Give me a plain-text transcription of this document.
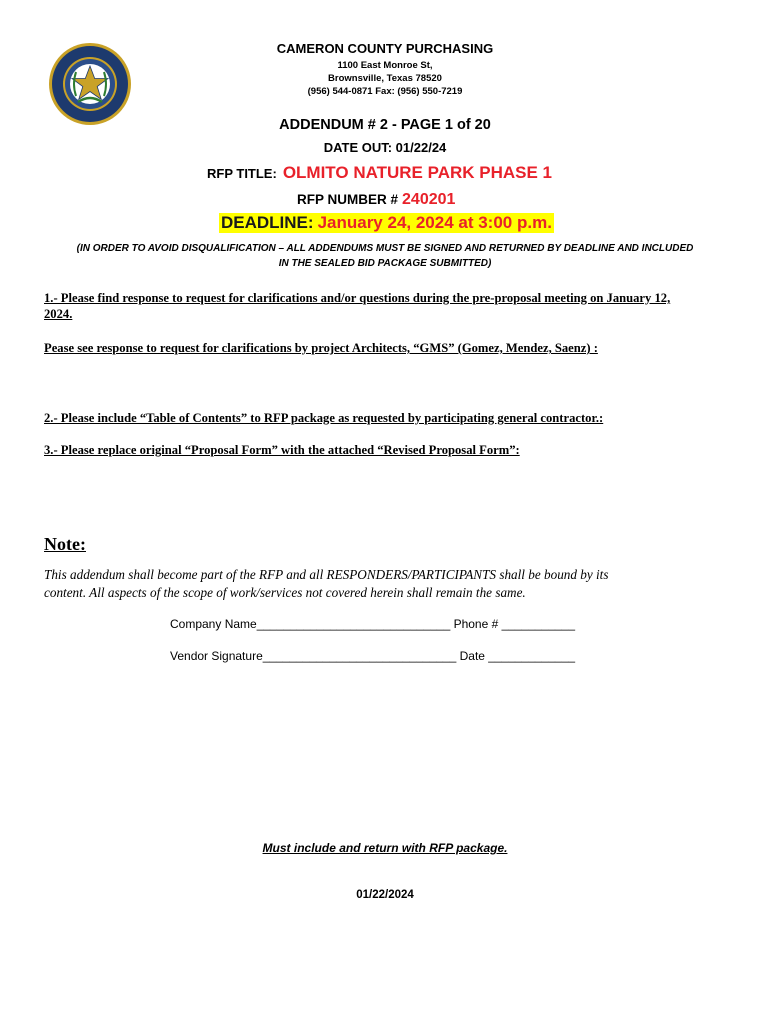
CAMERON COUNTY PURCHASING
1100 East Monroe St,
Brownsville, Texas 78520
(956) 544-0871 Fax: (956) 550-7219
ADDENDUM # 2 - PAGE 1 of 20
DATE OUT: 01/22/24
RFP TITLE: OLMITO NATURE PARK PHASE 1
RFP NUMBER # 240201
DEADLINE: January 24, 2024 at 3:00 p.m.
(IN ORDER TO AVOID DISQUALIFICATION – ALL ADDENDUMS MUST BE SIGNED AND RETURNED BY DEADLINE AND INCLUDED
IN THE SEALED BID PACKAGE SUBMITTED)
1.- Please find response to request for clarifications and/or questions during the pre-proposal meeting on January 12,
2024.
Pease see response to request for clarifications by project Architects, “GMS” (Gomez, Mendez, Saenz) :
2.- Please include “Table of Contents” to RFP package as requested by participating general contractor.:
3.- Please replace original “Proposal Form” with the attached “Revised Proposal Form”:
Note:
This addendum shall become part of the RFP and all RESPONDERS/PARTICIPANTS shall be bound by its
content. All aspects of the scope of work/services not covered herein shall remain the same.
Company Name_____________________________ Phone # ___________
Vendor Signature_____________________________ Date _____________
Must include and return with RFP package.
01/22/2024
